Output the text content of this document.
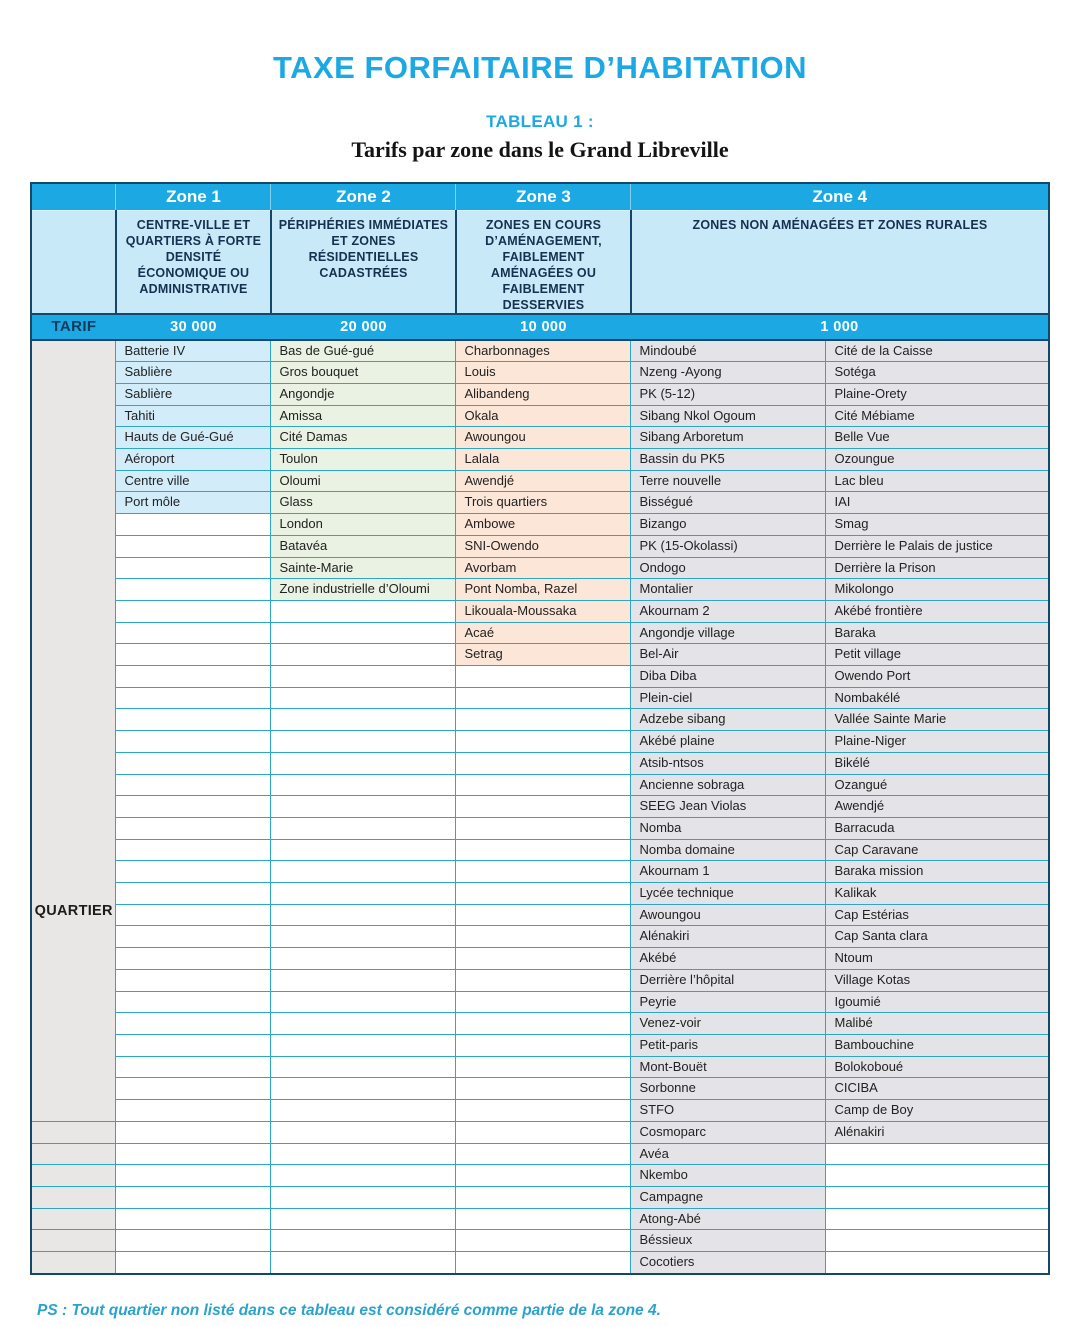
TAXE FORFAITAIRE D’HABITATION
TABLEAU 1 :
Tarifs par zone dans le Grand Libreville
	Zone 1	Zone 2	Zone 3	Zone 4	
	CENTRE-VILLE ET QUARTIERS À FORTE DENSITÉ ÉCONOMIQUE OU ADMINISTRATIVE	PÉRIPHÉRIES IMMÉDIATES ET ZONES RÉSIDENTIELLES CADASTRÉES	ZONES EN COURS D’AMÉNAGEMENT, FAIBLEMENT AMÉNAGÉES OU FAIBLEMENT DESSERVIES	ZONES NON AMÉNAGÉES ET ZONES RURALES	
TARIF	30 000	20 000	10 000	1 000	

QUARTIER	Batterie IV	Bas de Gué-gué	Charbonnages	Mindoubé	Cité de la Caisse
	Sablière	Gros bouquet	Louis	Nzeng -Ayong	Sotéga
	Sablière	Angondje	Alibandeng	PK (5-12)	Plaine-Orety
	Tahiti	Amissa	Okala	Sibang Nkol Ogoum	Cité Mébiame
	Hauts de Gué-Gué	Cité Damas	Awoungou	Sibang Arboretum	Belle Vue
	Aéroport	Toulon	Lalala	Bassin du PK5	Ozoungue
	Centre ville	Oloumi	Awendjé	Terre nouvelle	Lac bleu
	Port môle	Glass	Trois quartiers	Bisségué	IAI
		London	Ambowe	Bizango	Smag
		Batavéa	SNI-Owendo	PK (15-Okolassi)	Derrière le Palais de justice
		Sainte-Marie	Avorbam	Ondogo	Derrière la Prison
		Zone industrielle d’Oloumi	Pont Nomba, Razel	Montalier	Mikolongo
			Likouala-Moussaka	Akournam 2	Akébé frontière
			Acaé	Angondje village	Baraka
			Setrag	Bel-Air	Petit village
				Diba Diba	Owendo Port
				Plein-ciel	Nombakélé
				Adzebe sibang	Vallée Sainte Marie
				Akébé plaine	Plaine-Niger
				Atsib-ntsos	Bikélé
				Ancienne sobraga	Ozangué
				SEEG Jean Violas	Awendjé
				Nomba	Barracuda
				Nomba domaine	Cap Caravane
				Akournam 1	Baraka mission
				Lycée technique	Kalikak
				Awoungou	Cap Estérias
				Alénakiri	Cap Santa clara
				Akébé	Ntoum
				Derrière l’hôpital	Village Kotas
				Peyrie	Igoumié
				Venez-voir	Malibé
				Petit-paris	Bambouchine
				Mont-Bouët	Bolokoboué
				Sorbonne	CICIBA
				STFO	Camp de Boy
				Cosmoparc	Alénakiri
				Avéa	
				Nkembo	
				Campagne	
				Atong-Abé	
				Béssieux	
				Cocotiers	
PS : Tout quartier non listé dans ce tableau est considéré comme partie de la zone 4.
